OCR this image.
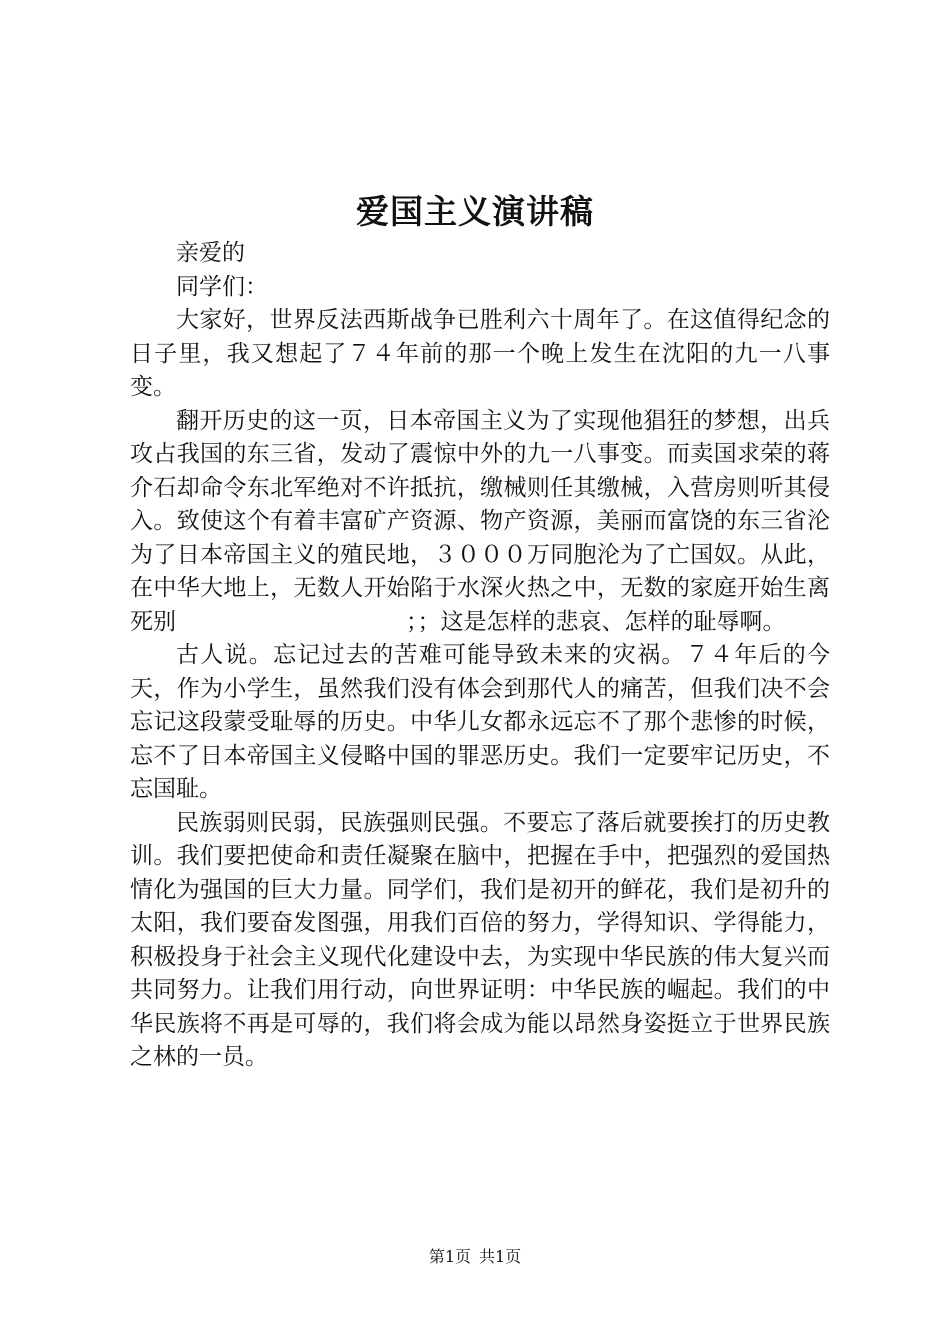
爱国主义演讲稿

亲爱的

同学们：

大家好，世界反法西斯战争已胜利六十周年了。在这值得纪念的日子里，我又想起了７４年前的那一个晚上发生在沈阳的九一八事变。

翻开历史的这一页，日本帝国主义为了实现他猖狂的梦想，出兵攻占我国的东三省，发动了震惊中外的九一八事变。而卖国求荣的蒋介石却命令东北军绝对不许抵抗，缴械则任其缴械，入营房则听其侵入。致使这个有着丰富矿产资源、物产资源，美丽而富饶的东三省沦为了日本帝国主义的殖民地，３０００万同胞沦为了亡国奴。从此，在中华大地上，无数人开始陷于水深火热之中，无数的家庭开始生离死别	；；这是怎样的悲哀、怎样的耻辱啊。

古人说。忘记过去的苦难可能导致未来的灾祸。７４年后的今天，作为小学生，虽然我们没有体会到那代人的痛苦，但我们决不会忘记这段蒙受耻辱的历史。中华儿女都永远忘不了那个悲惨的时候，忘不了日本帝国主义侵略中国的罪恶历史。我们一定要牢记历史，不忘国耻。

民族弱则民弱，民族强则民强。不要忘了落后就要挨打的历史教训。我们要把使命和责任凝聚在脑中，把握在手中，把强烈的爱国热情化为强国的巨大力量。同学们，我们是初开的鲜花，我们是初升的太阳，我们要奋发图强，用我们百倍的努力，学得知识、学得能力，积极投身于社会主义现代化建设中去，为实现中华民族的伟大复兴而共同努力。让我们用行动，向世界证明：中华民族的崛起。我们的中华民族将不再是可辱的，我们将会成为能以昂然身姿挺立于世界民族之林的一员。

第1页 共1页
